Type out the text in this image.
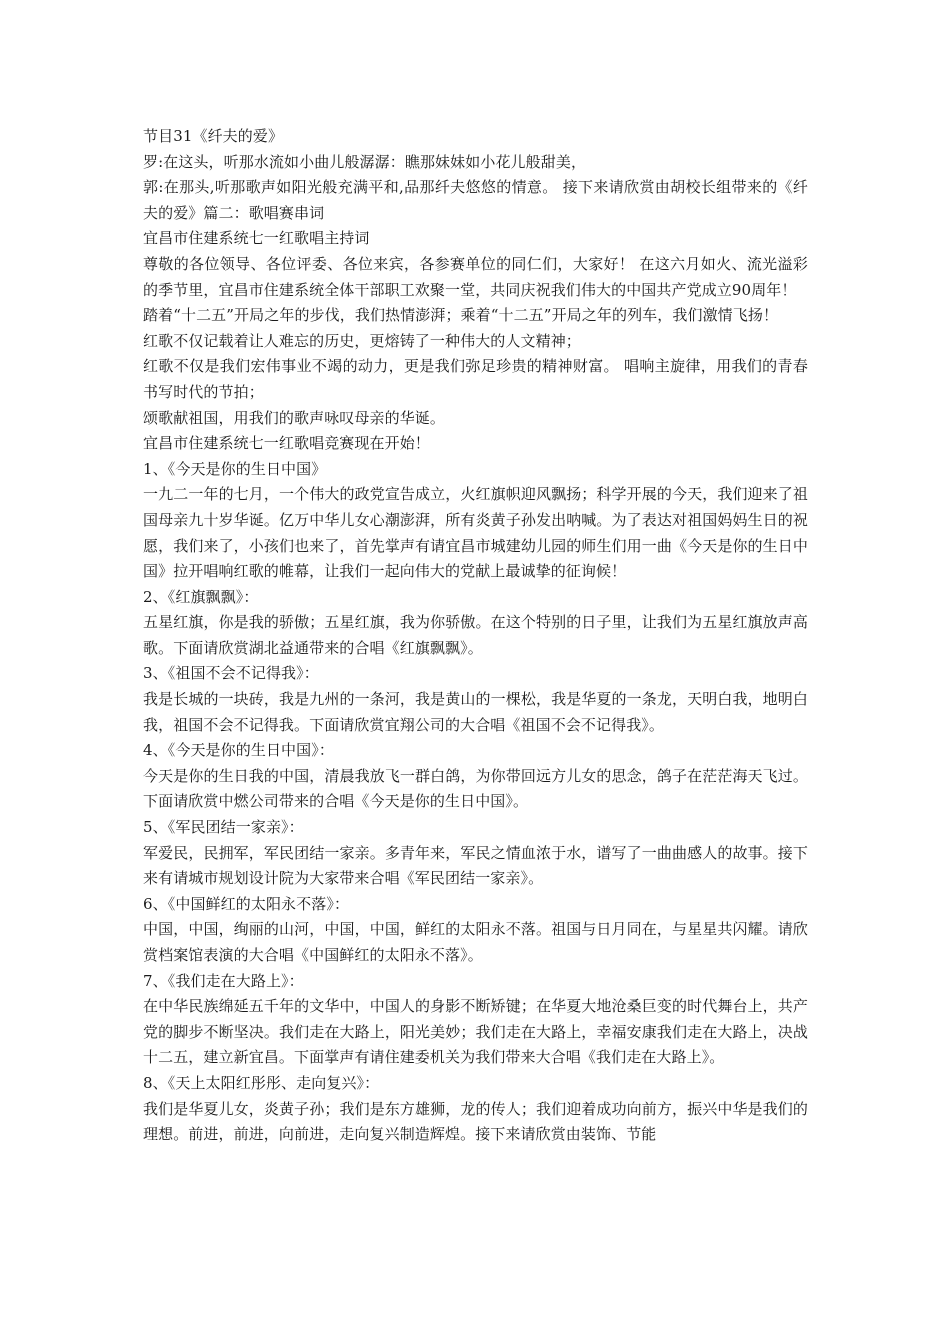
节目31《纤夫的爱》

罗:在这头，听那水流如小曲儿般潺潺：瞧那妹妹如小花儿般甜美，

郭:在那头,听那歌声如阳光般充满平和,品那纤夫悠悠的情意。 接下来请欣赏由胡校长组带来的《纤夫的爱》篇二：歌唱赛串词

宜昌市住建系统七一红歌唱主持词

尊敬的各位领导、各位评委、各位来宾，各参赛单位的同仁们，大家好！ 在这六月如火、流光溢彩的季节里，宜昌市住建系统全体干部职工欢聚一堂，共同庆祝我们伟大的中国共产党成立90周年！

踏着“十二五”开局之年的步伐，我们热情澎湃；乘着“十二五”开局之年的列车，我们激情飞扬！

红歌不仅记载着让人难忘的历史，更熔铸了一种伟大的人文精神；

红歌不仅是我们宏伟事业不竭的动力，更是我们弥足珍贵的精神财富。 唱响主旋律，用我们的青春书写时代的节拍；

颂歌献祖国，用我们的歌声咏叹母亲的华诞。

宜昌市住建系统七一红歌唱竞赛现在开始！

1、《今天是你的生日中国》

一九二一年的七月，一个伟大的政党宣告成立，火红旗帜迎风飘扬；科学开展的今天，我们迎来了祖国母亲九十岁华诞。亿万中华儿女心潮澎湃，所有炎黄子孙发出呐喊。为了表达对祖国妈妈生日的祝愿，我们来了，小孩们也来了，首先掌声有请宜昌市城建幼儿园的师生们用一曲《今天是你的生日中国》拉开唱响红歌的帷幕，让我们一起向伟大的党献上最诚挚的征询候！

2、《红旗飘飘》：

五星红旗，你是我的骄傲；五星红旗，我为你骄傲。在这个特别的日子里，让我们为五星红旗放声高歌。下面请欣赏湖北益通带来的合唱《红旗飘飘》。

3、《祖国不会不记得我》：

我是长城的一块砖，我是九州的一条河，我是黄山的一棵松，我是华夏的一条龙，天明白我，地明白我，祖国不会不记得我。下面请欣赏宜翔公司的大合唱《祖国不会不记得我》。

4、《今天是你的生日中国》：

今天是你的生日我的中国，清晨我放飞一群白鸽，为你带回远方儿女的思念，鸽子在茫茫海天飞过。下面请欣赏中燃公司带来的合唱《今天是你的生日中国》。

5、《军民团结一家亲》：

军爱民，民拥军，军民团结一家亲。多青年来，军民之情血浓于水，谱写了一曲曲感人的故事。接下来有请城市规划设计院为大家带来合唱《军民团结一家亲》。

6、《中国鲜红的太阳永不落》：

中国，中国，绚丽的山河，中国，中国，鲜红的太阳永不落。祖国与日月同在，与星星共闪耀。请欣赏档案馆表演的大合唱《中国鲜红的太阳永不落》。

7、《我们走在大路上》：

在中华民族绵延五千年的文华中，中国人的身影不断矫键；在华夏大地沧桑巨变的时代舞台上，共产党的脚步不断坚决。我们走在大路上，阳光美妙；我们走在大路上，幸福安康我们走在大路上，决战十二五，建立新宜昌。下面掌声有请住建委机关为我们带来大合唱《我们走在大路上》。

8、《天上太阳红彤彤、走向复兴》：

我们是华夏儿女，炎黄子孙；我们是东方雄狮，龙的传人；我们迎着成功向前方，振兴中华是我们的理想。前进，前进，向前进，走向复兴制造辉煌。接下来请欣赏由装饰、节能
